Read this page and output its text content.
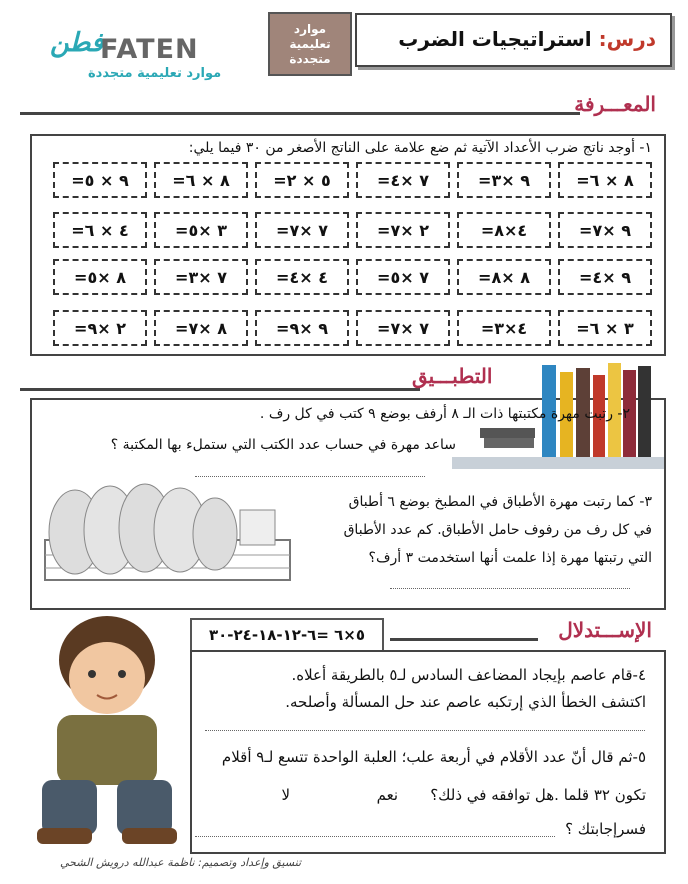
درس: استراتيجيات الضرب
موارد
تعليمية
متجددة
فطن
FATEN
موارد تعليمية متجددة
المعـــرفة
١- أوجد ناتج ضرب الأعداد الآتية ثم ضع علامة على الناتج الأصغر من ٣٠ فيما يلي:
٨ × ٦=
٩ ×٣=
٧ ×٤=
٥ × ٢=
٨ × ٦=
٩ × ٥=
٩ ×٧=
٤×٨=
٢ ×٧=
٧ ×٧=
٣ ×٥=
٤ × ٦=
٩ ×٤=
٨ ×٨=
٧ ×٥=
٤ ×٤=
٧ ×٣=
٨ ×٥=
٣ × ٦=
٤×٣=
٧ ×٧=
٩ ×٩=
٨ ×٧=
٢ ×٩=
التطبـــيق
٢- رتبت مهرة مكتبتها ذات الـ ٨ أرفف بوضع ٩ كتب في كل رف .
ساعد مهرة في حساب عدد الكتب التي ستملء بها المكتبة ؟
٣- كما رتبت مهرة الأطباق في المطبخ بوضع ٦ أطباق
في كل رف من رفوف حامل الأطباق. كم عدد الأطباق
التي رتبتها مهرة إذا علمت أنها استخدمت ٣ أرف؟
الإســـتدلال
٥×٦ =٦-١٢-١٨-٢٤-٣٠
٤-قام عاصم بإيجاد المضاعف السادس لـ٥ بالطريقة أعلاه.
اكتشف الخطأ الذي إرتكبه عاصم عند حل المسألة وأصلحه.
٥-ثم قال أنّ عدد الأقلام في أربعة علب؛ العلبة الواحدة تتسع لـ٩ أقلام
تكون ٣٢ قلما .هل توافقه في ذلك؟
نعم
لا
فسرإجابتك ؟
تنسيق وإعداد وتصميم: ناظمة عبدالله درويش الشحي
